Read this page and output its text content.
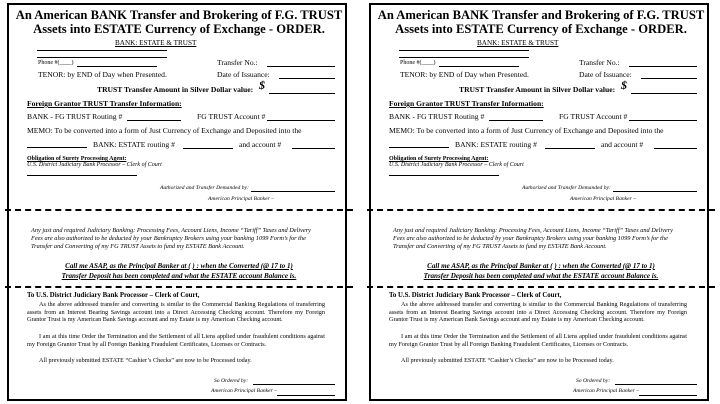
An American BANK Transfer and Brokering of F.G. TRUST
Assets into ESTATE Currency of Exchange - ORDER.
BANK: ESTATE & TRUST
Phone #(____)	Transfer No.:
TENOR: by END of Day when Presented.	Date of Issuance:
TRUST Transfer Amount in Silver Dollar value: $
Foreign Grantor TRUST Transfer Information:
BANK - FG TRUST Routing #	FG TRUST Account #
MEMO: To be converted into a form of Just Currency of Exchange and Deposited into the
BANK: ESTATE routing #	and account #
Obligation of Surety Processing Agent:
U.S. District Judiciary Bank Processor – Clerk of Court
Authorized and Transfer Demanded by:
American Principal Banker –
Any just and required Judiciary Banking: Processing Fees, Account Liens, Income “Tariff” Taxes and Delivery Fees are also authorized to be deducted by your Bankruptcy Brokers using your banking 1099 Form’s for the Transfer and Converting of my FG TRUST Assets to fund my ESTATE Bank Account.
Call me ASAP, as the Principal Banker at ( ) : when the Converted (@ 17 to 1)
Transfer Deposit has been completed and what the ESTATE account Balance is.
To U.S. District Judiciary Bank Processor – Clerk of Court,
As the above addressed transfer and converting is similar to the Commercial Banking Regulations of transferring assets from an Interest Bearing Savings account into a Direct Accessing Checking account. Therefore my Foreign Grantor Trust is my American Bank Savings account and my Estate is my American Checking account.
I am at this time Order the Termination and the Settlement of all Liens applied under fraudulent conditions against my Foreign Grantor Trust by all Foreign Banking Fraudulent Certificates, Licenses or Contracts.
All previously submitted ESTATE “Cashier’s Checks” are now to be Processed today.
So Ordered by:
American Principal Banker –
An American BANK Transfer and Brokering of F.G. TRUST
Assets into ESTATE Currency of Exchange - ORDER.
BANK: ESTATE & TRUST
Phone #(____)	Transfer No.:
TENOR: by END of Day when Presented.	Date of Issuance:
TRUST Transfer Amount in Silver Dollar value: $
Foreign Grantor TRUST Transfer Information:
BANK - FG TRUST Routing #	FG TRUST Account #
MEMO: To be converted into a form of Just Currency of Exchange and Deposited into the
BANK: ESTATE routing #	and account #
Obligation of Surety Processing Agent:
U.S. District Judiciary Bank Processor – Clerk of Court
Authorized and Transfer Demanded by:
American Principal Banker –
Any just and required Judiciary Banking: Processing Fees, Account Liens, Income “Tariff” Taxes and Delivery Fees are also authorized to be deducted by your Bankruptcy Brokers using your banking 1099 Form’s for the Transfer and Converting of my FG TRUST Assets to fund my ESTATE Bank Account.
Call me ASAP, as the Principal Banker at ( ) : when the Converted (@ 17 to 1)
Transfer Deposit has been completed and what the ESTATE account Balance is.
To U.S. District Judiciary Bank Processor – Clerk of Court,
As the above addressed transfer and converting is similar to the Commercial Banking Regulations of transferring assets from an Interest Bearing Savings account into a Direct Accessing Checking account. Therefore my Foreign Grantor Trust is my American Bank Savings account and my Estate is my American Checking account.
I am at this time Order the Termination and the Settlement of all Liens applied under fraudulent conditions against my Foreign Grantor Trust by all Foreign Banking Fraudulent Certificates, Licenses or Contracts.
All previously submitted ESTATE “Cashier’s Checks” are now to be Processed today.
So Ordered by:
American Principal Banker –
